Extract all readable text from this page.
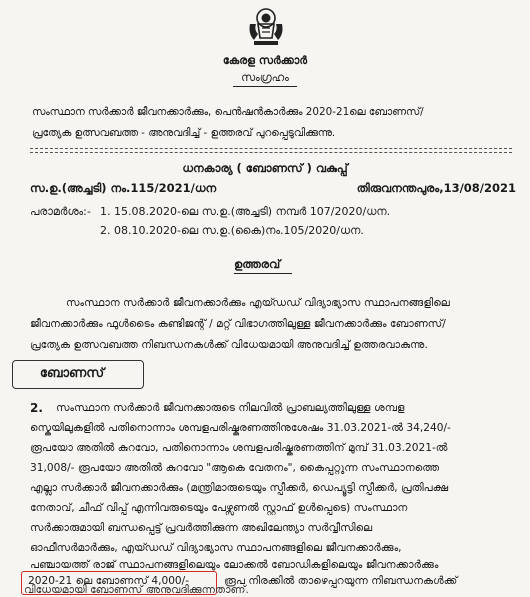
കേരള സർക്കാർ
സംഗ്രഹം
സംസ്ഥാന സർക്കാർ ജീവനക്കാർക്കും, പെൻഷൻകാർക്കും 2020-21ലെ ബോണസ്/
പ്രത്യേക ഉത്സവബത്ത - അനുവദിച്ച് - ഉത്തരവ് പുറപ്പെടുവിക്കുന്നു.
ധനകാര്യ ( ബോണസ് ) വകുപ്പ്
സ.ഉ.(അച്ചടി) നം.115/2021/ധന	തിരുവനന്തപുരം,13/08/2021
പരാമർശം:- 1. 15.08.2020-ലെ സ.ഉ.(അച്ചടി) നമ്പർ 107/2020/ധന.
2. 08.10.2020-ലെ സ.ഉ.(കൈ)നം.105/2020/ധന.
ഉത്തരവ്
സംസ്ഥാന സർക്കാർ ജീവനക്കാർക്കും എയ്ഡഡ് വിദ്യാഭ്യാസ സ്ഥാപനങ്ങളിലെ
ജീവനക്കാർക്കും ഫുൾടൈം കണ്ടിജന്റ് / മറ്റ് വിഭാഗത്തിലുള്ള ജീവനക്കാർക്കും ബോണസ്/
പ്രത്യേക ഉത്സവബത്ത നിബന്ധനകൾക്ക് വിധേയമായി അനുവദിച്ച് ഉത്തരവാകുന്നു.
ബോണസ്
2. സംസ്ഥാന സർക്കാർ ജീവനക്കാരുടെ നിലവിൽ പ്രാബല്യത്തിലുള്ള ശമ്പള
സ്കെയിലുകളിൽ പതിനൊന്നാം ശമ്പളപരിഷ്കരണത്തിനുശേഷം 31.03.2021-ൽ 34,240/-
രൂപയോ അതിൽ കുറവോ, പതിനൊന്നാം ശമ്പളപരിഷ്കരണത്തിന് മുമ്പ് 31.03.2021-ൽ
31,008/- രൂപയോ അതിൽ കുറവോ "ആകെ വേതനം", കൈപ്പറ്റുന്ന സംസ്ഥാനത്തെ
എല്ലാ സർക്കാർ ജീവനക്കാർക്കും (മന്ത്രിമാരുടെയും സ്പീക്കർ, ഡെപ്യൂട്ടി സ്പീക്കർ, പ്രതിപക്ഷ
നേതാവ്, ചീഫ് വിപ്പ് എന്നിവരുടെയും പേഴ്സണൽ സ്റ്റാഫ് ഉൾപ്പെടെ) സംസ്ഥാന
സർക്കാരുമായി ബന്ധപ്പെട്ട് പ്രവർത്തിക്കുന്ന അഖിലേന്ത്യാ സർവ്വീസിലെ
ഓഫീസർമാർക്കും, എയ്ഡഡ് വിദ്യാഭ്യാസ സ്ഥാപനങ്ങളിലെ ജീവനക്കാർക്കും,
പഞ്ചായത്ത് രാജ് സ്ഥാപനങ്ങളിലെയും ലോക്കൽ ബോഡികളിലെയും ജീവനക്കാർക്കും
2020-21 ലെ ബോണസ് 4,000/-	രൂപ നിരക്കിൽ താഴെപ്പറയുന്ന നിബന്ധനകൾക്ക്
വിധേയമായി ബോണസ് അനുവദിക്കുന്നതാണ്.
